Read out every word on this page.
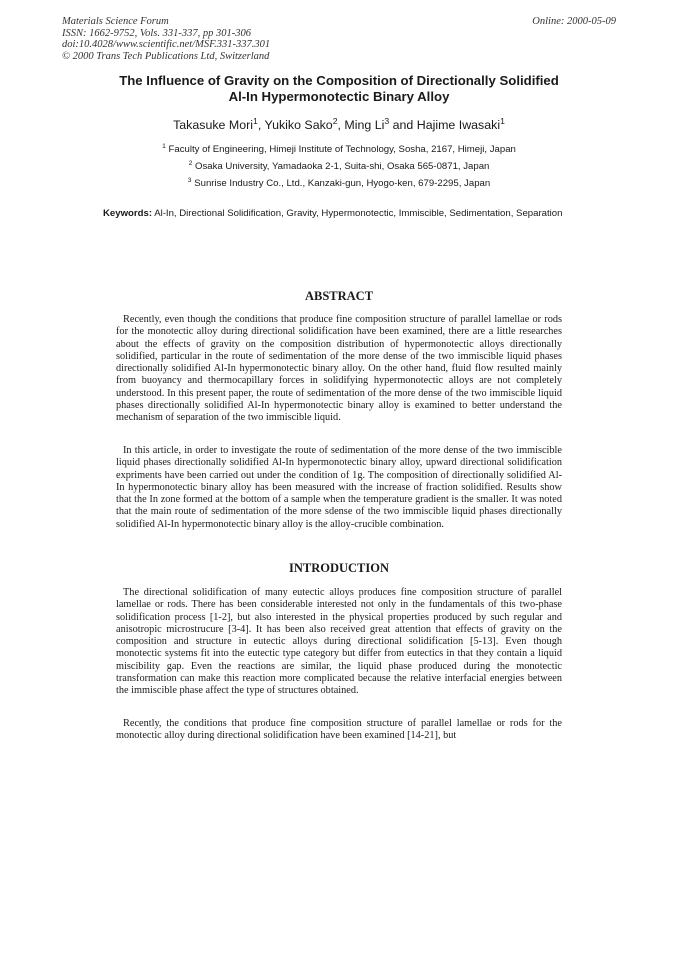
Materials Science Forum
ISSN: 1662-9752, Vols. 331-337, pp 301-306
doi:10.4028/www.scientific.net/MSF.331-337.301
© 2000 Trans Tech Publications Ltd, Switzerland
Online: 2000-05-09
The Influence of Gravity on the Composition of Directionally Solidified
Al-In Hypermonotectic Binary Alloy
Takasuke Mori$^1$, Yukiko Sako$^2$, Ming Li$^3$ and Hajime Iwasaki$^1$
$^1$ Faculty of Engineering, Himeji Institute of Technology, Sosha, 2167, Himeji, Japan
$^2$ Osaka University, Yamadaoka 2-1, Suita-shi, Osaka 565-0871, Japan
$^3$ Sunrise Industry Co., Ltd., Kanzaki-gun, Hyogo-ken, 679-2295, Japan
Keywords: Al-In, Directional Solidification, Gravity, Hypermonotectic, Immiscible, Sedimentation, Separation
ABSTRACT

Recently, even though the conditions that produce fine composition structure of parallel lamellae or rods for the monotectic alloy during directional solidification have been examined, there are a little researches about the effects of gravity on the composition distribution of hypermonotectic alloys directionally solidified, particular in the route of sedimentation of the more dense of the two immiscible liquid phases directionally solidified Al-In hypermonotectic binary alloy. On the other hand, fluid flow resulted mainly from buoyancy and thermocapillary forces in solidifying hypermonotectic alloys are not completely understood. In this present paper, the route of sedimentation of the more dense of the two immiscible liquid phases directionally solidified Al-In hypermonotectic binary alloy is examined to better understand the mechanism of separation of the two immiscible liquid.

In this article, in order to investigate the route of sedimentation of the more dense of the two immiscible liquid phases directionally solidified Al-In hypermonotectic binary alloy, upward directional solidification expriments have been carried out under the condition of 1g. The composition of directionally solidified Al-In hypermonotectic binary alloy has been measured with the increase of fraction solidified. Results show that the In zone formed at the bottom of a sample when the temperature gradient is the smaller. It was noted that the main route of sedimentation of the more sdense of the two immiscible liquid phases directionally solidified Al-In hypermonotectic binary alloy is the alloy-crucible combination.

INTRODUCTION

The directional solidification of many eutectic alloys produces fine composition structure of parallel lamellae or rods. There has been considerable interested not only in the fundamentals of this two-phase solidification process [1-2], but also interested in the physical properties produced by such regular and anisotropic microstrucure [3-4]. It has been also received great attention that effects of gravity on the composition and structure in eutectic alloys during directional solidification [5-13]. Even though monotectic systems fit into the eutectic type category but differ from eutectics in that they contain a liquid miscibility gap. Even the reactions are similar, the liquid phase produced during the monotectic transformation can make this reaction more complicated because the relative interfacial energies between the immiscible phase affect the type of structures obtained.

Recently, the conditions that produce fine composition structure of parallel lamellae or rods for the monotectic alloy during directional solidification have been examined [14-21], but
